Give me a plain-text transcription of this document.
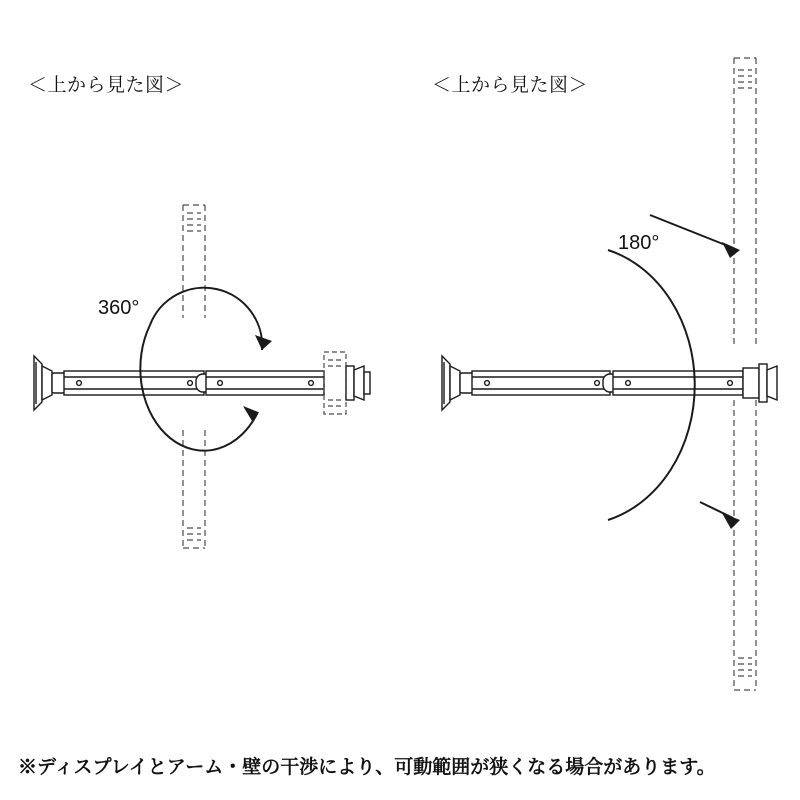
＜上から見た図＞
360°
＜上から見た図＞
180°
※ディスプレイとアーム・壁の干渉により、可動範囲が狭くなる場合があります。
